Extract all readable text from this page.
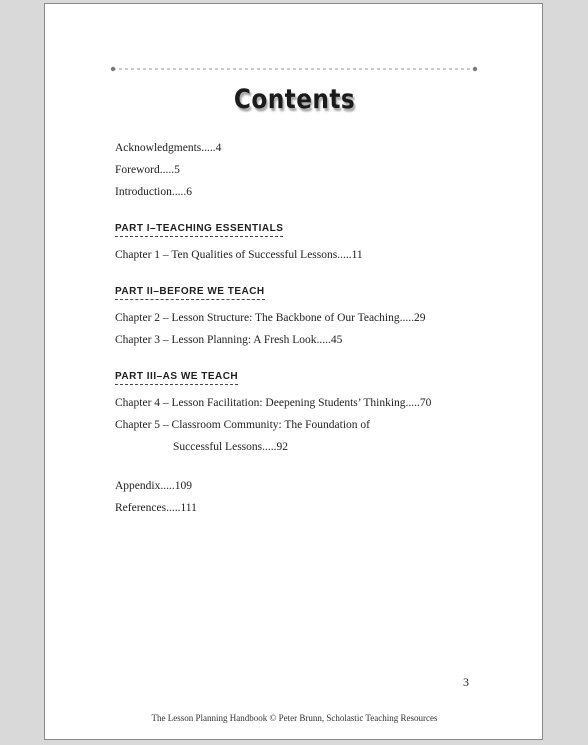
Contents
Acknowledgments.....4
Foreword.....5
Introduction.....6
PART I–TEACHING ESSENTIALS
Chapter 1 – Ten Qualities of Successful Lessons.....11
PART II–BEFORE WE TEACH
Chapter 2 – Lesson Structure: The Backbone of Our Teaching.....29
Chapter 3 – Lesson Planning: A Fresh Look.....45
PART III–AS WE TEACH
Chapter 4 – Lesson Facilitation: Deepening Students’ Thinking.....70
Chapter 5 – Classroom Community: The Foundation of
Successful Lessons.....92
Appendix.....109
References.....111
3
The Lesson Planning Handbook © Peter Brunn, Scholastic Teaching Resources
